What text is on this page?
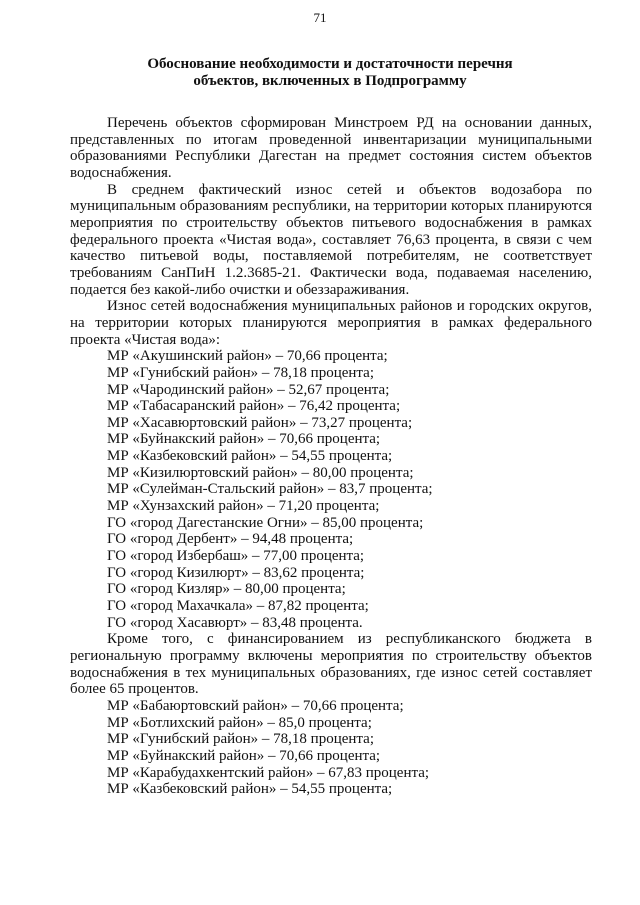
71
Обоснование необходимости и достаточности перечня
объектов, включенных в Подпрограмму

Перечень объектов сформирован Минстроем РД на основании данных, представленных по итогам проведенной инвентаризации муниципальными образованиями Республики Дагестан на предмет состояния систем объектов водоснабжения.

В среднем фактический износ сетей и объектов водозабора по муниципальным образованиям республики, на территории которых планируются мероприятия по строительству объектов питьевого водоснабжения в рамках федерального проекта «Чистая вода», составляет 76,63 процента, в связи с чем качество питьевой воды, поставляемой потребителям, не соответствует требованиям СанПиН 1.2.3685-21. Фактически вода, подаваемая населению, подается без какой-либо очистки и обеззараживания.

Износ сетей водоснабжения муниципальных районов и городских округов, на территории которых планируются мероприятия в рамках федерального проекта «Чистая вода»:

МР «Акушинский район» – 70,66 процента;
МР «Гунибский район» – 78,18 процента;
МР «Чародинский район» – 52,67 процента;
МР «Табасаранский район» – 76,42 процента;
МР «Хасавюртовский район» – 73,27 процента;
МР «Буйнакский район» – 70,66 процента;
МР «Казбековский район» – 54,55 процента;
МР «Кизилюртовский район» – 80,00 процента;
МР «Сулейман-Стальский район» – 83,7 процента;
МР «Хунзахский район» – 71,20 процента;
ГО «город Дагестанские Огни» – 85,00 процента;
ГО «город Дербент» – 94,48 процента;
ГО «город Избербаш» – 77,00 процента;
ГО «город Кизилюрт» – 83,62 процента;
ГО «город Кизляр» – 80,00 процента;
ГО «город Махачкала» – 87,82 процента;
ГО «город Хасавюрт» – 83,48 процента.

Кроме того, с финансированием из республиканского бюджета в региональную программу включены мероприятия по строительству объектов водоснабжения в тех муниципальных образованиях, где износ сетей составляет более 65 процентов.

МР «Бабаюртовский район» – 70,66 процента;
МР «Ботлихский район» – 85,0 процента;
МР «Гунибский район» – 78,18 процента;
МР «Буйнакский район» – 70,66 процента;
МР «Карабудахкентский район» – 67,83 процента;
МР «Казбековский район» – 54,55 процента;
